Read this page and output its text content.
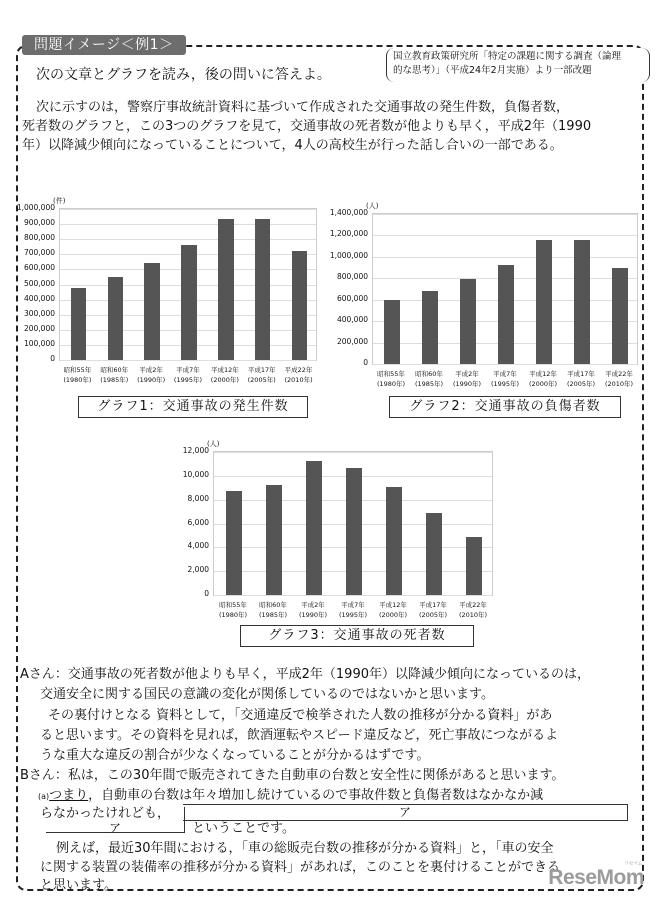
問題イメージ＜例1＞
国立教育政策研究所「特定の課題に関する調査（論理
的な思考）」（平成24年2月実施）より一部改題
次の文章とグラフを読み，後の問いに答えよ。
次に示すのは，警察庁事故統計資料に基づいて作成された交通事故の発生件数，負傷者数，
死者数のグラフと，この3つのグラフを見て，交通事故の死者数が他よりも早く，平成2年（1990
年）以降減少傾向になっていることについて，4人の高校生が行った話し合いの一部である。
(件)
1,000,000
900,000
800,000
700,000
600,000
500,000
400,000
300,000
200,000
100,000
0
昭和55年
(1980年)
昭和60年
(1985年)
平成2年
(1990年)
平成7年
(1995年)
平成12年
(2000年)
平成17年
(2005年)
平成22年
(2010年)
グラフ1：交通事故の発生件数
(人)
1,400,000
1,200,000
1,000,000
800,000
600,000
400,000
200,000
0
昭和55年
(1980年)
昭和60年
(1985年)
平成2年
(1990年)
平成7年
(1995年)
平成12年
(2000年)
平成17年
(2005年)
平成22年
(2010年)
グラフ2：交通事故の負傷者数
(人)
12,000
10,000
8,000
6,000
4,000
2,000
0
昭和55年
(1980年)
昭和60年
(1985年)
平成2年
(1990年)
平成7年
(1995年)
平成12年
(2000年)
平成17年
(2005年)
平成22年
(2010年)
グラフ3：交通事故の死者数
Aさん：交通事故の死者数が他よりも早く，平成2年（1990年）以降減少傾向になっているのは，
交通安全に関する国民の意識の変化が関係しているのではないかと思います。
その裏付けとなる 資料として，「交通違反で検挙された人数の推移が分かる資料」があ
ると思います。その資料を見れば，飲酒運転やスピード違反など，死亡事故につながるよ
うな重大な違反の割合が少なくなっていることが分かるはずです。
Bさん：私は，この30年間で販売されてきた自動車の台数と安全性に関係があると思います。
(a)つまり，自動車の台数は年々増加し続けているので事故件数と負傷者数はなかなか減
らなかったけれども，	ア
ア	ということです。
例えば，最近30年間における，「車の総販売台数の推移が分かる資料」と，「車の安全
に関する装置の装備率の推移が分かる資料」があれば，このことを裏付けることができる
と思います。
リセマム
ReseMom
